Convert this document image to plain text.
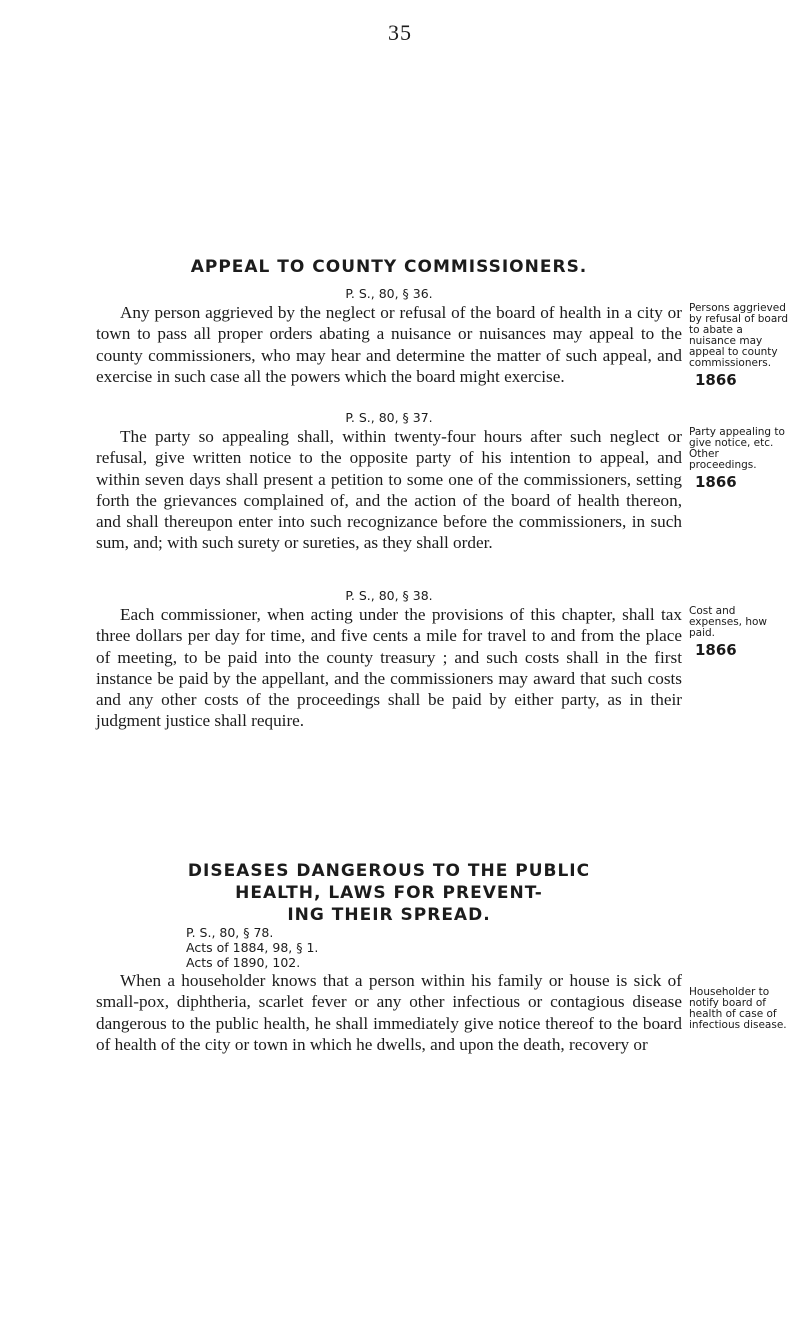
35

APPEAL TO COUNTY COMMISSIONERS.

P. S., 80, § 36.

Any person aggrieved by the neglect or refusal of the board of health in a city or town to pass all proper orders abating a nuisance or nuisances may appeal to the county commissioners, who may hear and determine the matter of such appeal, and exercise in such case all the powers which the board might exercise.

Persons aggrieved by refusal of board to abate a nuisance may appeal to county commissioners.

1866

P. S., 80, § 37.

The party so appealing shall, within twenty-four hours after such neglect or refusal, give written notice to the opposite party of his intention to appeal, and within seven days shall present a petition to some one of the commissioners, setting forth the grievances complained of, and the action of the board of health thereon, and shall thereupon enter into such recognizance before the commissioners, in such sum, and; with such surety or sureties, as they shall order.

Party appealing to give notice, etc. Other proceedings.

1866

P. S., 80, § 38.

Each commissioner, when acting under the provisions of this chapter, shall tax three dollars per day for time, and five cents a mile for travel to and from the place of meeting, to be paid into the county treasury ; and such costs shall in the first instance be paid by the appellant, and the commissioners may award that such costs and any other costs of the proceedings shall be paid by either party, as in their judgment justice shall require.

Cost and expenses, how paid.

1866

DISEASES DANGEROUS TO THE PUBLIC

HEALTH, LAWS FOR PREVENT-

ING THEIR SPREAD.

P. S., 80, § 78.

Acts of 1884, 98, § 1.

Acts of 1890, 102.

When a householder knows that a person within his family or house is sick of small-pox, diphtheria, scarlet fever or any other infectious or contagious disease dangerous to the public health, he shall immediately give notice thereof to the board of health of the city or town in which he dwells, and upon the death, recovery or

Householder to notify board of health of case of infectious disease.
